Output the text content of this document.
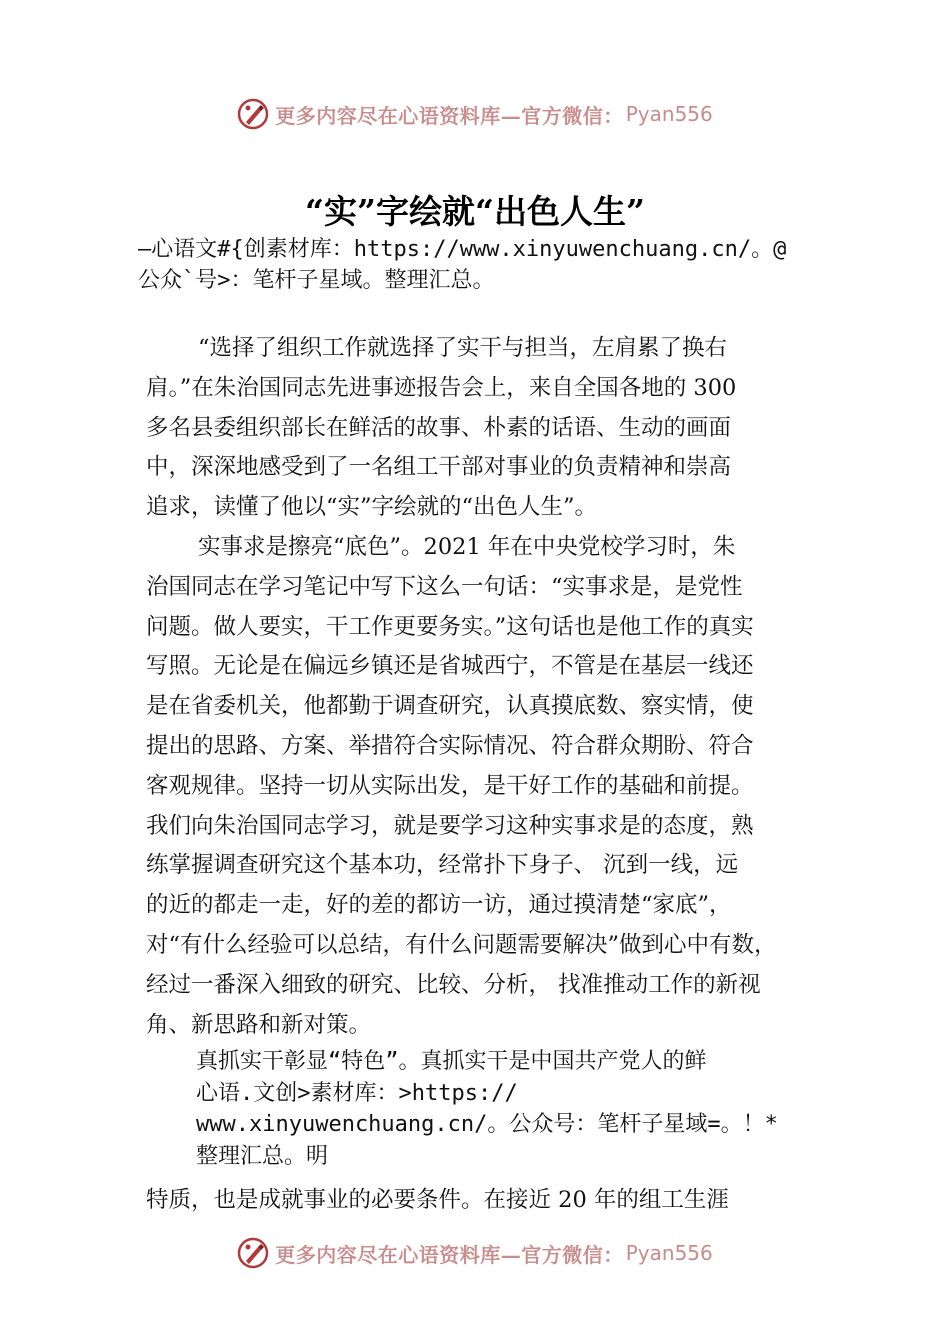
更多内容尽在心语资料库—官方微信： Pyan556
“实”字绘就“出色人生”
—心语文#{创素材库：https://www.xinyuwenchuang.cn/。@
公众`号>：笔杆子星域。整理汇总。
“选择了组织工作就选择了实干与担当，左肩累了换右
肩。”在朱治国同志先进事迹报告会上，来自全国各地的 300
多名县委组织部长在鲜活的故事、朴素的话语、生动的画面
中，深深地感受到了一名组工干部对事业的负责精神和崇高
追求，读懂了他以“实”字绘就的“出色人生”。
实事求是擦亮“底色”。2021 年在中央党校学习时，朱
治国同志在学习笔记中写下这么一句话：“实事求是，是党性
问题。做人要实，干工作更要务实。”这句话也是他工作的真实
写照。无论是在偏远乡镇还是省城西宁，不管是在基层一线还
是在省委机关，他都勤于调查研究，认真摸底数、察实情，使
提出的思路、方案、举措符合实际情况、符合群众期盼、符合
客观规律。坚持一切从实际出发，是干好工作的基础和前提。
我们向朱治国同志学习，就是要学习这种实事求是的态度，熟
练掌握调查研究这个基本功，经常扑下身子、 沉到一线，远
的近的都走一走，好的差的都访一访，通过摸清楚“家底”，
对“有什么经验可以总结，有什么问题需要解决”做到心中有数，
经过一番深入细致的研究、比较、分析， 找准推动工作的新视
角、新思路和新对策。
真抓实干彰显“特色”。真抓实干是中国共产党人的鲜
心语.文创>素材库：>https://
www.xinyuwenchuang.cn/。公众号：笔杆子星域=。！*
整理汇总。明
特质，也是成就事业的必要条件。在接近 20 年的组工生涯
更多内容尽在心语资料库—官方微信： Pyan556
